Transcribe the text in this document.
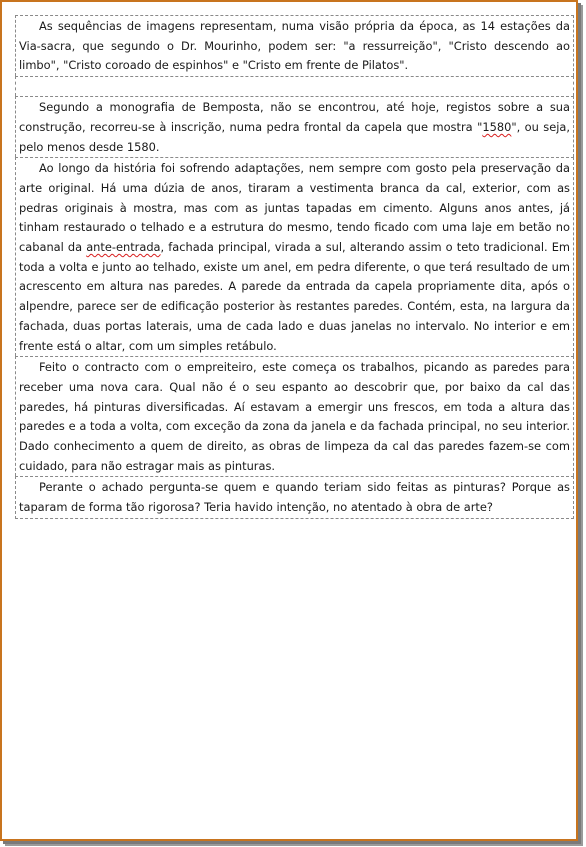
As sequências de imagens representam, numa visão própria da época, as 14 estações da Via-sacra, que segundo o Dr. Mourinho, podem ser: "a ressurreição", "Cristo descendo ao limbo", "Cristo coroado de espinhos" e "Cristo em frente de Pilatos".

Segundo a monografia de Bemposta, não se encontrou, até hoje, registos sobre a sua construção, recorreu-se à inscrição, numa pedra frontal da capela que mostra "1580", ou seja, pelo menos desde 1580.

Ao longo da história foi sofrendo adaptações, nem sempre com gosto pela preservação da arte original. Há uma dúzia de anos, tiraram a vestimenta branca da cal, exterior, com as pedras originais à mostra, mas com as juntas tapadas em cimento. Alguns anos antes, já tinham restaurado o telhado e a estrutura do mesmo, tendo ficado com uma laje em betão no cabanal da ante-entrada, fachada principal, virada a sul, alterando assim o teto tradicional. Em toda a volta e junto ao telhado, existe um anel, em pedra diferente, o que terá resultado de um acrescento em altura nas paredes. A parede da entrada da capela propriamente dita, após o alpendre, parece ser de edificação posterior às restantes paredes. Contém, esta, na largura da fachada, duas portas laterais, uma de cada lado e duas janelas no intervalo. No interior e em frente está o altar, com um simples retábulo.

Feito o contracto com o empreiteiro, este começa os trabalhos, picando as paredes para receber uma nova cara. Qual não é o seu espanto ao descobrir que, por baixo da cal das paredes, há pinturas diversificadas. Aí estavam a emergir uns frescos, em toda a altura das paredes e a toda a volta, com exceção da zona da janela e da fachada principal, no seu interior. Dado conhecimento a quem de direito, as obras de limpeza da cal das paredes fazem-se com cuidado, para não estragar mais as pinturas.

Perante o achado pergunta-se quem e quando teriam sido feitas as pinturas? Porque as taparam de forma tão rigorosa? Teria havido intenção, no atentado à obra de arte?
